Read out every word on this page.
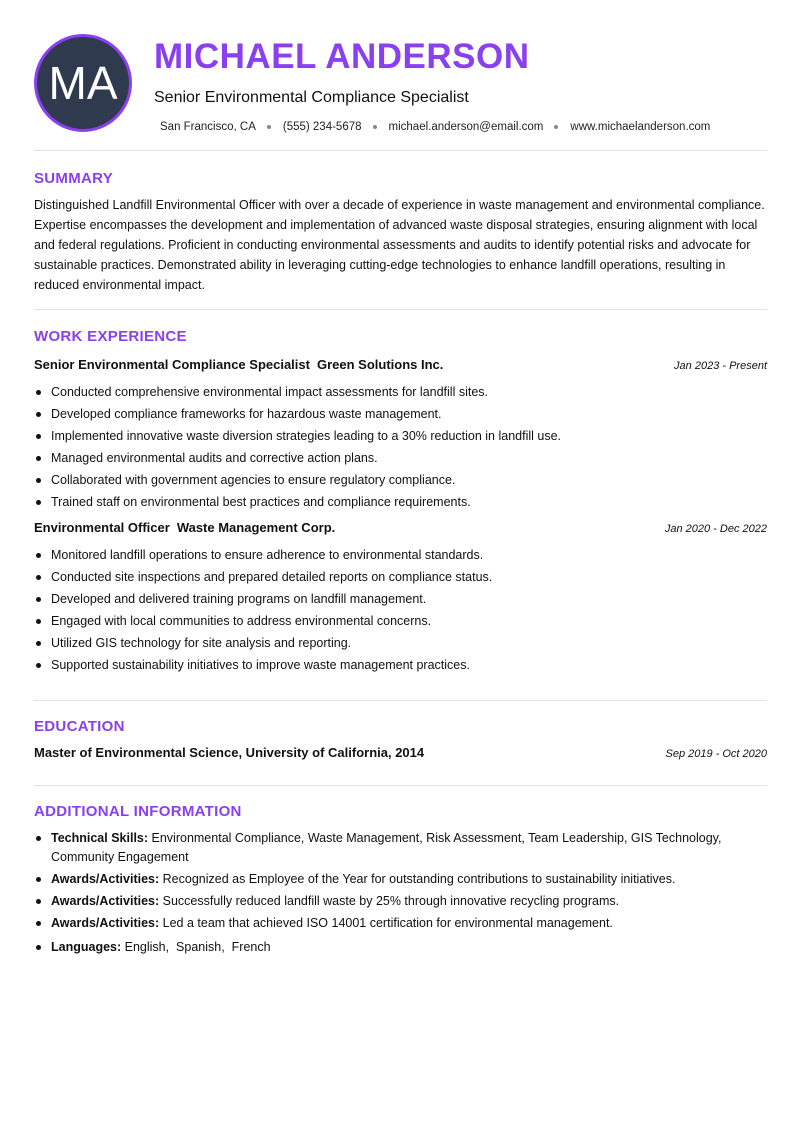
MA
MICHAEL ANDERSON
Senior Environmental Compliance Specialist
San Francisco, CA (555) 234-5678 michael.anderson@email.com www.michaelanderson.com
SUMMARY

Distinguished Landfill Environmental Officer with over a decade of experience in waste management and environmental compliance. Expertise encompasses the development and implementation of advanced waste disposal strategies, ensuring alignment with local and federal regulations. Proficient in conducting environmental assessments and audits to identify potential risks and advocate for sustainable practices. Demonstrated ability in leveraging cutting-edge technologies to enhance landfill operations, resulting in reduced environmental impact.

WORK EXPERIENCE
Senior Environmental Compliance Specialist Green Solutions Inc.	Jan 2023 - Present
Conducted comprehensive environmental impact assessments for landfill sites.
Developed compliance frameworks for hazardous waste management.
Implemented innovative waste diversion strategies leading to a 30% reduction in landfill use.
Managed environmental audits and corrective action plans.
Collaborated with government agencies to ensure regulatory compliance.
Trained staff on environmental best practices and compliance requirements.
Environmental Officer Waste Management Corp.	Jan 2020 - Dec 2022
Monitored landfill operations to ensure adherence to environmental standards.
Conducted site inspections and prepared detailed reports on compliance status.
Developed and delivered training programs on landfill management.
Engaged with local communities to address environmental concerns.
Utilized GIS technology for site analysis and reporting.
Supported sustainability initiatives to improve waste management practices.
EDUCATION
Master of Environmental Science, University of California, 2014	Sep 2019 - Oct 2020
ADDITIONAL INFORMATION
Technical Skills: Environmental Compliance, Waste Management, Risk Assessment, Team Leadership, GIS Technology, Community Engagement
Awards/Activities: Recognized as Employee of the Year for outstanding contributions to sustainability initiatives.
Awards/Activities: Successfully reduced landfill waste by 25% through innovative recycling programs.
Awards/Activities: Led a team that achieved ISO 14001 certification for environmental management.
Languages: English,  Spanish,  French
